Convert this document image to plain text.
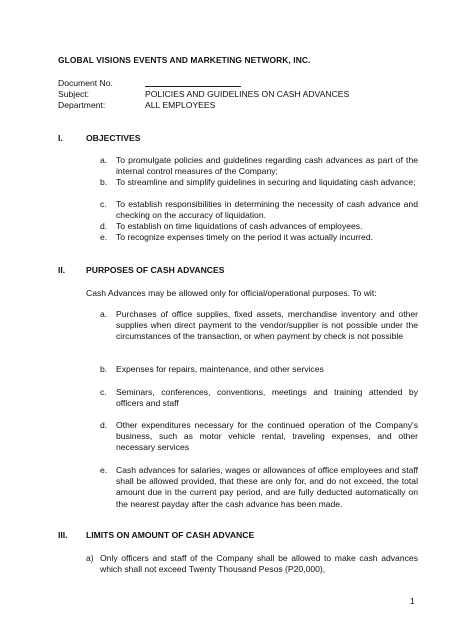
GLOBAL VISIONS EVENTS AND MARKETING NETWORK, INC.
Document No.
Subject:	POLICIES AND GUIDELINES ON CASH ADVANCES
Department:	ALL EMPLOYEES
I.	OBJECTIVES
a. To promulgate policies and guidelines regarding cash advances as part of the internal control measures of the Company;
b. To streamline and simplify guidelines in securing and liquidating cash advance;
c. To establish responsibilities in determining the necessity of cash advance and checking on the accuracy of liquidation.
d. To establish on time liquidations of cash advances of employees.
e. To recognize expenses timely on the period it was actually incurred.
II. PURPOSES OF CASH ADVANCES
Cash Advances may be allowed only for official/operational purposes. To wit:
a. Purchases of office supplies, fixed assets, merchandise inventory and other supplies when direct payment to the vendor/supplier is not possible under the circumstances of the transaction, or when payment by check is not possible
b. Expenses for repairs, maintenance, and other services
c. Seminars, conferences, conventions, meetings and training attended by officers and staff
d. Other expenditures necessary for the continued operation of the Company's business, such as motor vehicle rental, traveling expenses, and other necessary services
e. Cash advances for salaries, wages or allowances of office employees and staff shall be allowed provided, that these are only for, and do not exceed, the total amount due in the current pay period, and are fully deducted automatically on the nearest payday after the cash advance has been made.
III. LIMITS ON AMOUNT OF CASH ADVANCE
a) Only officers and staff of the Company shall be allowed to make cash advances which shall not exceed Twenty Thousand Pesos (P20,000),
1
